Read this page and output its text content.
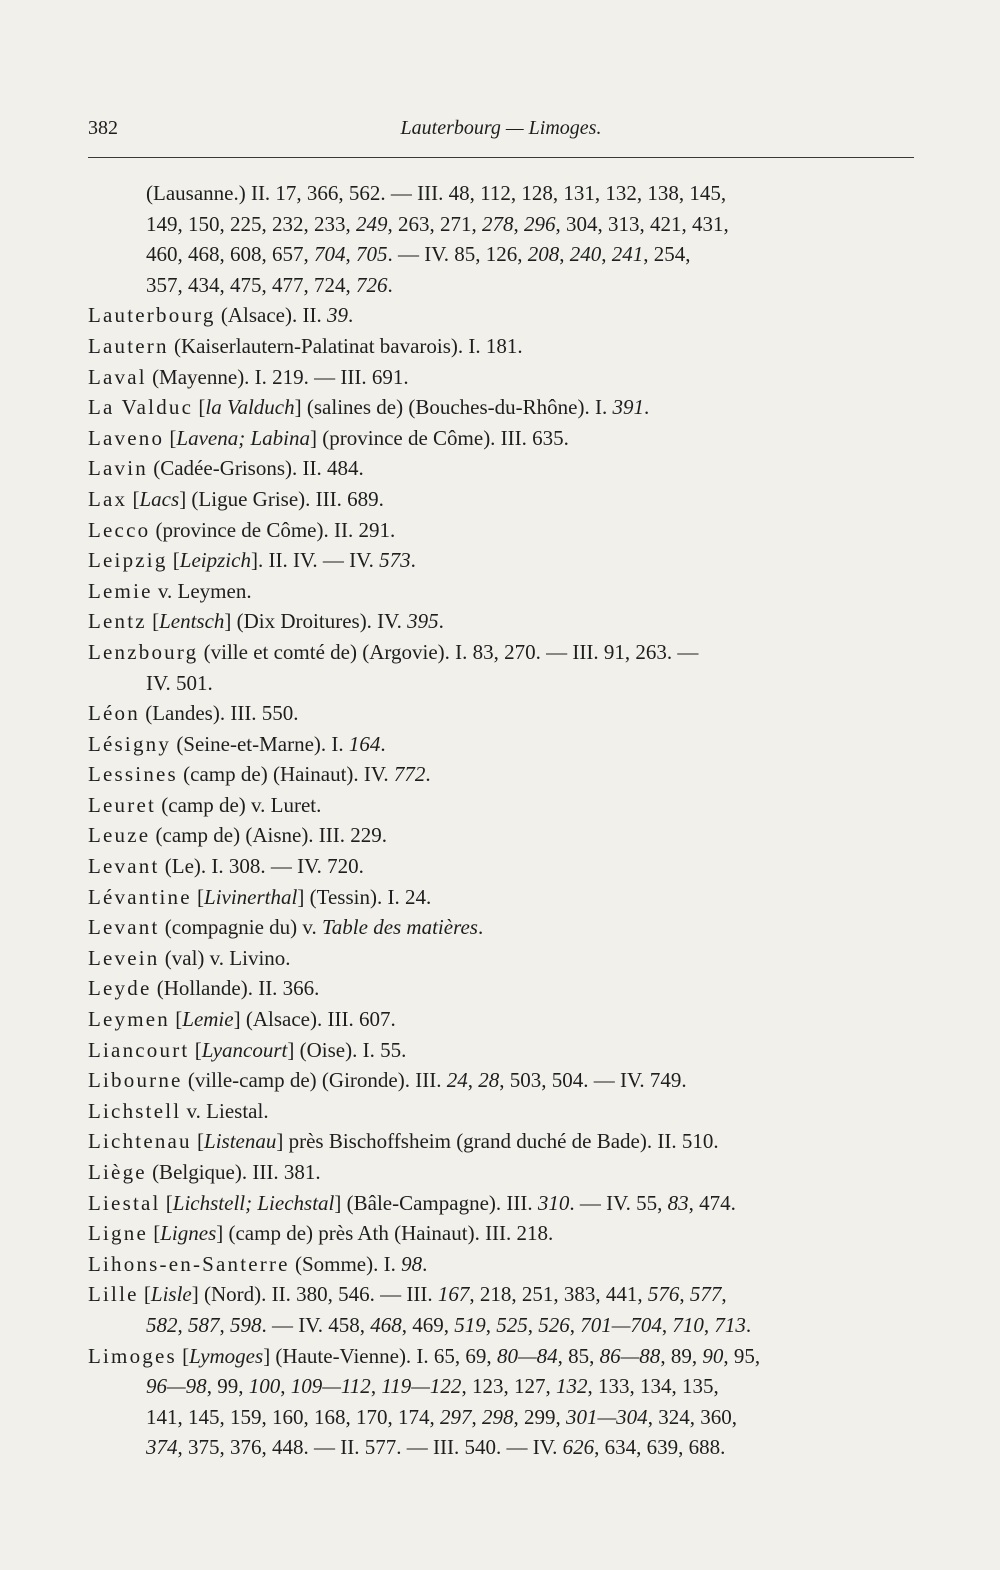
382	Lauterbourg — Limoges.
(Lausanne.) II. 17, 366, 562. — III. 48, 112, 128, 131, 132, 138, 145,
149, 150, 225, 232, 233, 249, 263, 271, 278, 296, 304, 313, 421, 431,
460, 468, 608, 657, 704, 705. — IV. 85, 126, 208, 240, 241, 254,
357, 434, 475, 477, 724, 726.
Lauterbourg (Alsace). II. 39.
Lautern (Kaiserlautern-Palatinat bavarois). I. 181.
Laval (Mayenne). I. 219. — III. 691.
La Valduc [la Valduch] (salines de) (Bouches-du-Rhône). I. 391.
Laveno [Lavena; Labina] (province de Côme). III. 635.
Lavin (Cadée-Grisons). II. 484.
Lax [Lacs] (Ligue Grise). III. 689.
Lecco (province de Côme). II. 291.
Leipzig [Leipzich]. II. IV. — IV. 573.
Lemie v. Leymen.
Lentz [Lentsch] (Dix Droitures). IV. 395.
Lenzbourg (ville et comté de) (Argovie). I. 83, 270. — III. 91, 263. —
IV. 501.
Léon (Landes). III. 550.
Lésigny (Seine-et-Marne). I. 164.
Lessines (camp de) (Hainaut). IV. 772.
Leuret (camp de) v. Luret.
Leuze (camp de) (Aisne). III. 229.
Levant (Le). I. 308. — IV. 720.
Lévantine [Livinerthal] (Tessin). I. 24.
Levant (compagnie du) v. Table des matières.
Levein (val) v. Livino.
Leyde (Hollande). II. 366.
Leymen [Lemie] (Alsace). III. 607.
Liancourt [Lyancourt] (Oise). I. 55.
Libourne (ville-camp de) (Gironde). III. 24, 28, 503, 504. — IV. 749.
Lichstell v. Liestal.
Lichtenau [Listenau] près Bischoffsheim (grand duché de Bade). II. 510.
Liège (Belgique). III. 381.
Liestal [Lichstell; Liechstal] (Bâle-Campagne). III. 310. — IV. 55, 83, 474.
Ligne [Lignes] (camp de) près Ath (Hainaut). III. 218.
Lihons-en-Santerre (Somme). I. 98.
Lille [Lisle] (Nord). II. 380, 546. — III. 167, 218, 251, 383, 441, 576, 577,
582, 587, 598. — IV. 458, 468, 469, 519, 525, 526, 701—704, 710, 713.
Limoges [Lymoges] (Haute-Vienne). I. 65, 69, 80—84, 85, 86—88, 89, 90, 95,
96—98, 99, 100, 109—112, 119—122, 123, 127, 132, 133, 134, 135,
141, 145, 159, 160, 168, 170, 174, 297, 298, 299, 301—304, 324, 360,
374, 375, 376, 448. — II. 577. — III. 540. — IV. 626, 634, 639, 688.
